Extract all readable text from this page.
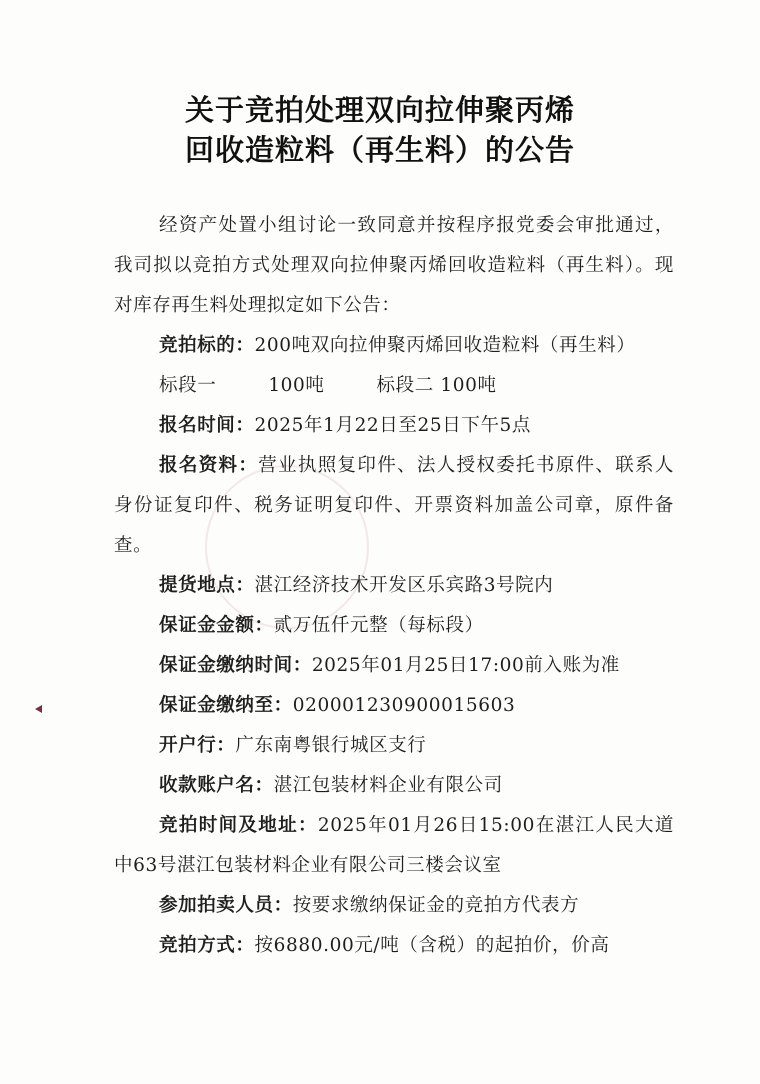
关于竞拍处理双向拉伸聚丙烯
回收造粒料（再生料）的公告
经资产处置小组讨论一致同意并按程序报党委会审批通过，我司拟以竞拍方式处理双向拉伸聚丙烯回收造粒料（再生料）。现对库存再生料处理拟定如下公告：
竞拍标的：200吨双向拉伸聚丙烯回收造粒料（再生料）
标段一	100吨	标段二 100吨
报名时间：2025年1月22日至25日下午5点
报名资料：营业执照复印件、法人授权委托书原件、联系人身份证复印件、税务证明复印件、开票资料加盖公司章，原件备查。
提货地点：湛江经济技术开发区乐宾路3号院内
保证金金额：贰万伍仟元整（每标段）
保证金缴纳时间：2025年01月25日17:00前入账为准
保证金缴纳至：020001230900015603
开户行：广东南粤银行城区支行
收款账户名：湛江包装材料企业有限公司
竞拍时间及地址：2025年01月26日15:00在湛江人民大道中63号湛江包装材料企业有限公司三楼会议室
参加拍卖人员：按要求缴纳保证金的竞拍方代表方
竞拍方式：按6880.00元/吨（含税）的起拍价，价高
